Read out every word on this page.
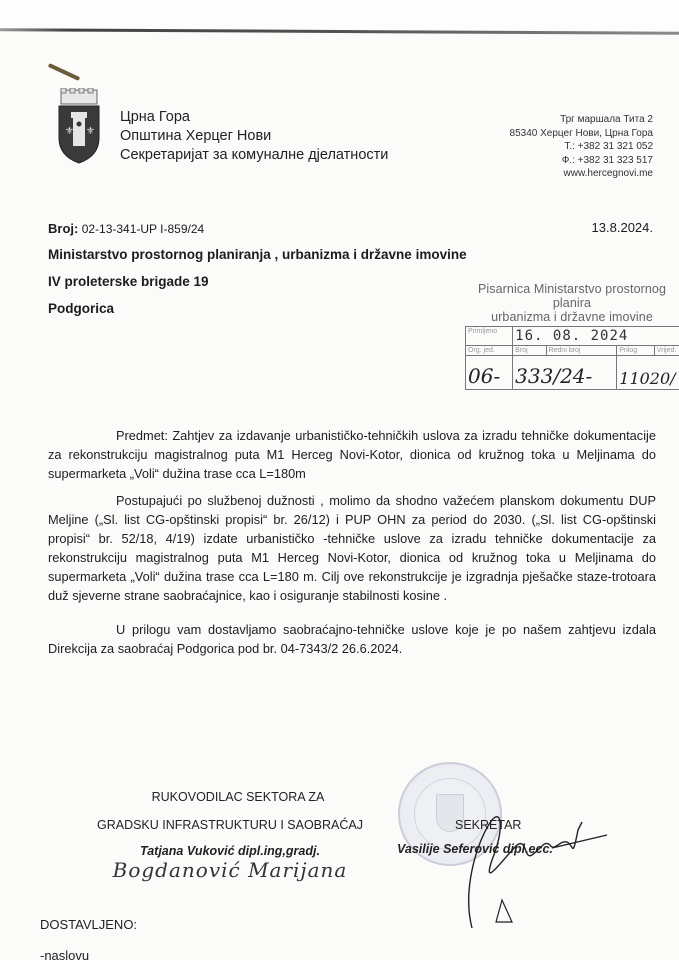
⚜ ⚜
Црна Гора
Општина Херцег Нови
Секретаријат за комуналне дјелатности
Трг маршала Тита 2
85340 Херцег Нови, Црна Гора
Т.: +382 31 321 052
Ф.: +382 31 323 517
www.hercegnovi.me
Broj: 02-13-341-UP I-859/24	13.8.2024.
Ministarstvo prostornog planiranja , urbanizma i državne imovine
IV proleterske brigade 19
Podgorica
Pisarnica Ministarstvo prostornog planira
urbanizma i državne imovine
Primljeno	16. 08. 2024			
Org. jed.	Broj	Redni broj	Prilog	Vrijed.
06-	333/24-		11020/	
Predmet: Zahtjev za izdavanje urbanističko-tehničkih uslova za izradu tehničke dokumentacije za rekonstrukciju magistralnog puta M1 Herceg Novi-Kotor, dionica od kružnog toka u Meljinama do supermarketa „Voli“ dužina trase cca L=180m
Postupajući po službenoj dužnosti , molimo da shodno važećem planskom dokumentu DUP Meljine („Sl. list CG-opštinski propisi“ br. 26/12) i PUP OHN za period do 2030. („Sl. list CG-opštinski propisi“ br. 52/18, 4/19) izdate urbanističko -tehničke uslove za izradu tehničke dokumentacije za rekonstrukciju magistralnog puta M1 Herceg Novi-Kotor, dionica od kružnog toka u Meljinama do supermarketa „Voli“ dužina trase cca L=180 m. Cilj ove rekonstrukcije je izgradnja pješačke staze-trotoara duž sjeverne strane saobraćajnice, kao i osiguranje stabilnosti kosine .
U prilogu vam dostavljamo saobraćajno-tehničke uslove koje je po našem zahtjevu izdala Direkcija za saobraćaj Podgorica pod br. 04-7343/2 26.6.2024.
RUKOVODILAC SEKTORA ZA
GRADSKU INFRASTRUKTURU I SAOBRAĆAJ
Tatjana Vuković dipl.ing,gradj.
Bogdanović Marijana
SEKRETAR
Vasilije Seferović dipl.ecc.
DOSTAVLJENO:
-naslovu
